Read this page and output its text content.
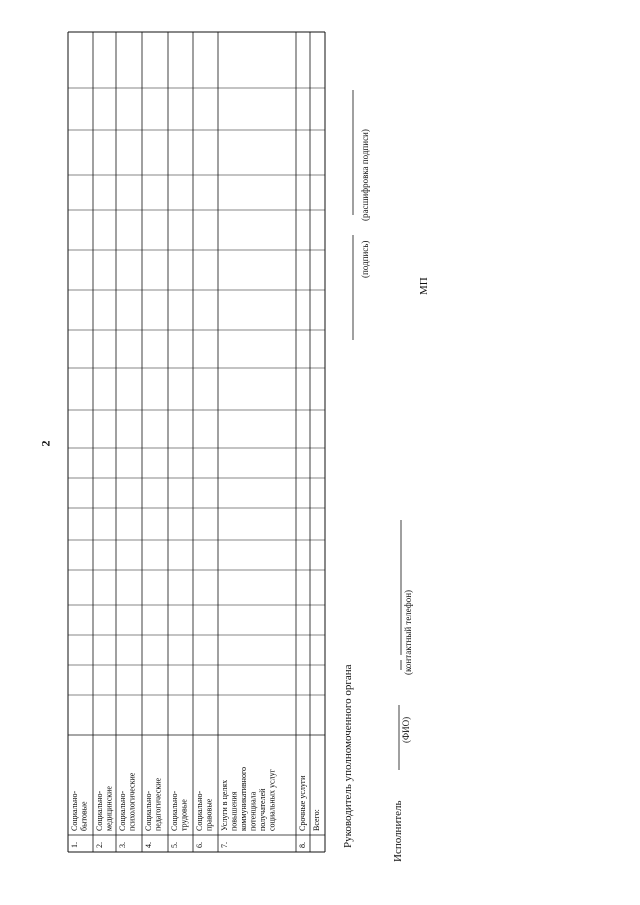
1.
Социально- бытовые
2.
Социально- медицинские
3.
Социально- психологические
4.
Социально- педагогические
5.
Социально- трудовые
6.
Социально- правовые
7.
Услуги в целях повышения коммуникативного потенциала получателей социальных услуг
8.
Срочные услуги Всего:
2
Руководитель уполномоченного органа
(подпись)
(расшифровка подписи)
МП
Исполнитель
(ФИО)
(контактный телефон)
